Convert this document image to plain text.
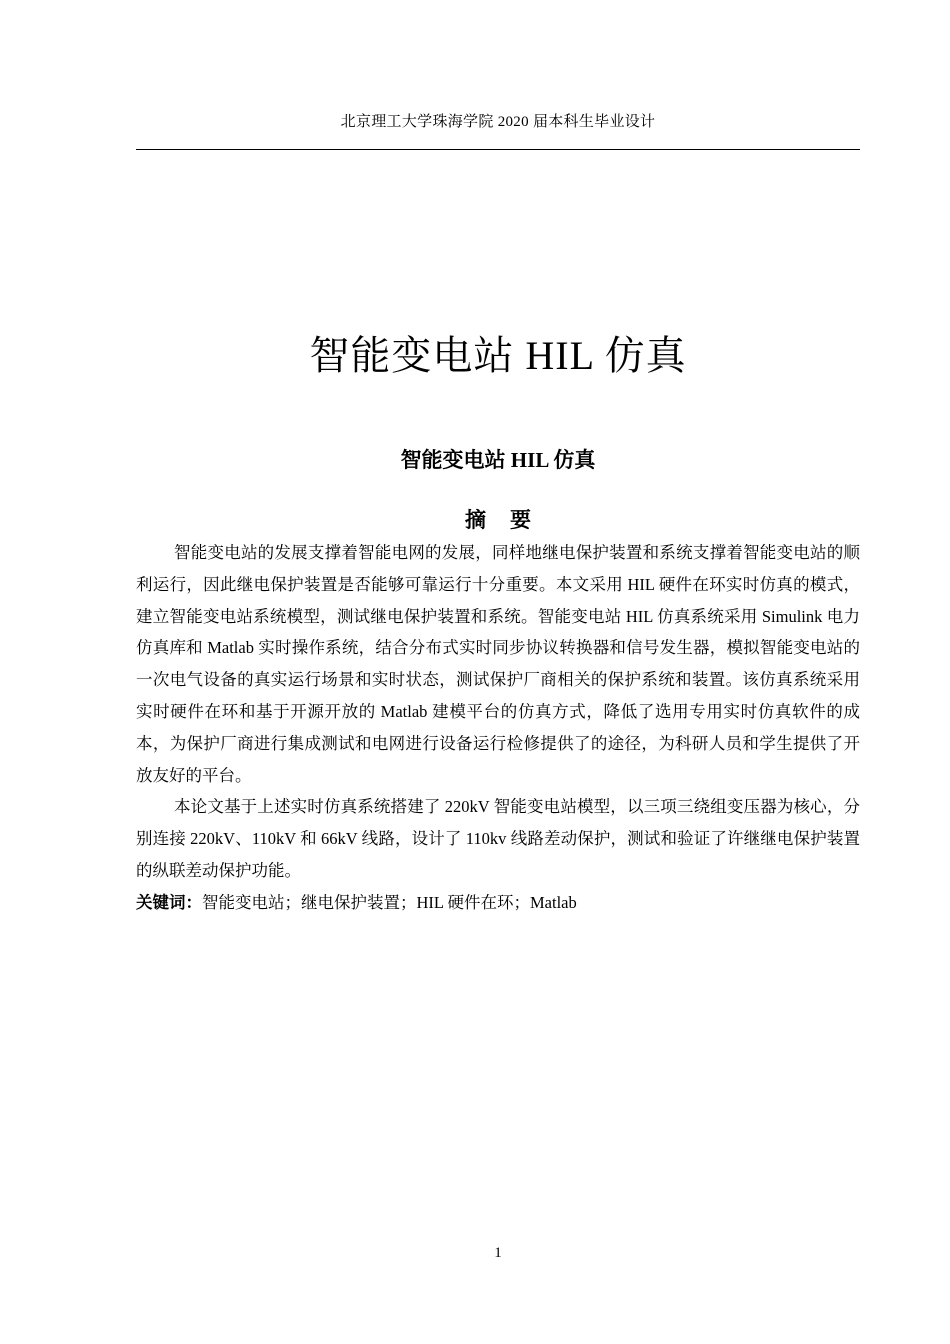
北京理工大学珠海学院 2020 届本科生毕业设计
智能变电站 HIL 仿真
智能变电站 HIL 仿真
摘要

智能变电站的发展支撑着智能电网的发展，同样地继电保护装置和系统支撑着智能变电站的顺利运行，因此继电保护装置是否能够可靠运行十分重要。本文采用 HIL 硬件在环实时仿真的模式，建立智能变电站系统模型，测试继电保护装置和系统。智能变电站 HIL 仿真系统采用 Simulink 电力仿真库和 Matlab 实时操作系统，结合分布式实时同步协议转换器和信号发生器，模拟智能变电站的一次电气设备的真实运行场景和实时状态，测试保护厂商相关的保护系统和装置。该仿真系统采用实时硬件在环和基于开源开放的 Matlab 建模平台的仿真方式，降低了选用专用实时仿真软件的成本，为保护厂商进行集成测试和电网进行设备运行检修提供了的途径，为科研人员和学生提供了开放友好的平台。

本论文基于上述实时仿真系统搭建了 220kV 智能变电站模型，以三项三绕组变压器为核心，分别连接 220kV、110kV 和 66kV 线路，设计了 110kv 线路差动保护，测试和验证了许继继电保护装置的纵联差动保护功能。

关键词：智能变电站；继电保护装置；HIL 硬件在环；Matlab

1
